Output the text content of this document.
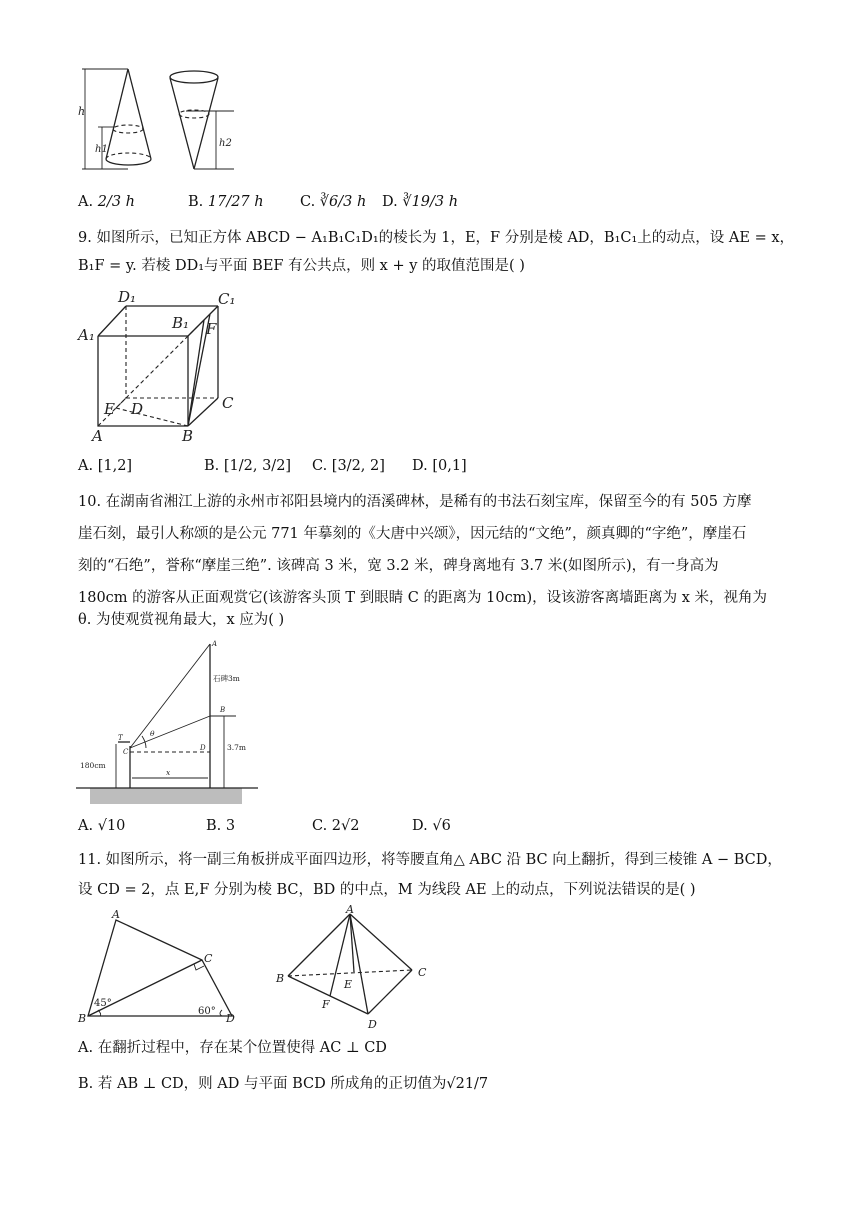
h
h1
h2
A. 2/3 h	B. 17/27 h	C. ∛6/3 h D. ∛19/3 h
9. 如图所示，已知正方体 ABCD − A₁B₁C₁D₁的棱长为 1，E，F 分别是棱 AD，B₁C₁上的动点，设 AE = x，
B₁F = y. 若棱 DD₁与平面 BEF 有公共点，则 x + y 的取值范围是( )
A₁
D₁	C₁
B₁ F
C
E D
A	B
A. [1,2]	B. [1/2, 3/2] C. [3/2, 2] D. [0,1]
10. 在湖南省湘江上游的永州市祁阳县境内的浯溪碑林，是稀有的书法石刻宝库，保留至今的有 505 方摩
崖石刻，最引人称颂的是公元 771 年摹刻的《大唐中兴颂》，因元结的“文绝”，颜真卿的“字绝”，摩崖石
刻的“石绝”，誉称“摩崖三绝”. 该碑高 3 米，宽 3.2 米，碑身离地有 3.7 米(如图所示)，有一身高为
180cm 的游客从正面观赏它(该游客头顶 T 到眼睛 C 的距离为 10cm)，设该游客离墙距离为 x 米，视角为
θ. 为使观赏视角最大，x 应为( )
A
石碑3m
B
T
C
θ
D	3.7m
180cm
x
A. √10	B. 3	C. 2√2	D. √6
11. 如图所示，将一副三角板拼成平面四边形，将等腰直角△ ABC 沿 BC 向上翻折，得到三棱锥 A − BCD，
设 CD = 2，点 E,F 分别为棱 BC，BD 的中点，M 为线段 AE 上的动点，下列说法错误的是( )
A
C
B	D
45°
60°
A
B	C
E
F
D
A. 在翻折过程中，存在某个位置使得 AC ⊥ CD
B. 若 AB ⊥ CD，则 AD 与平面 BCD 所成角的正切值为√21/7
